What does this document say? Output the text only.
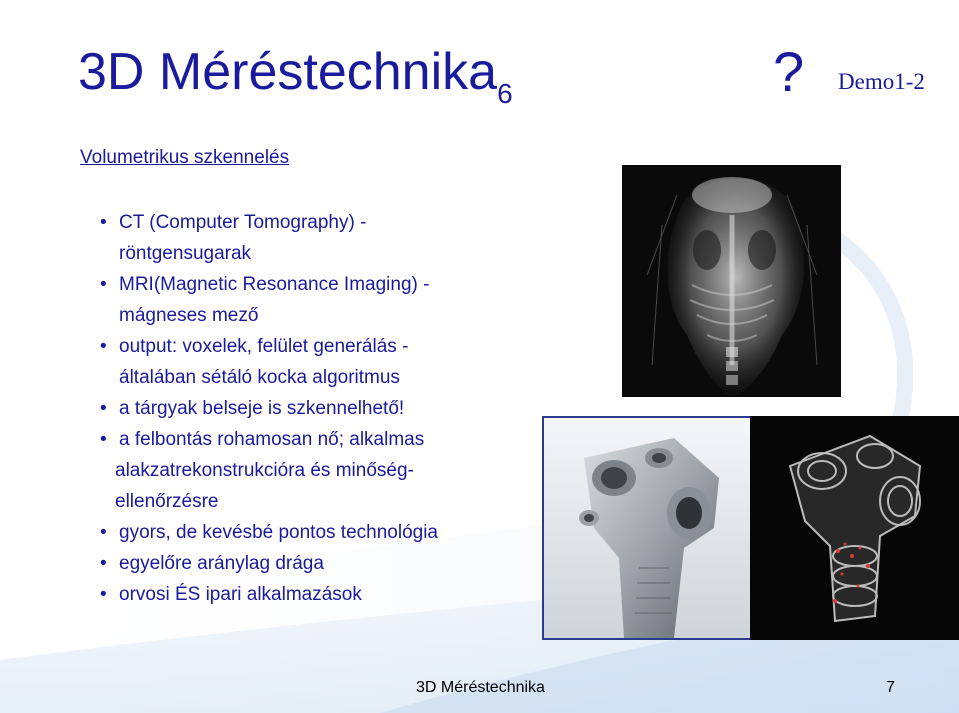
3D Méréstechnika$_6$	? Demo1-2
Volumetrikus szkennelés
• CT (Computer Tomography) -
röntgensugarak
• MRI(Magnetic Resonance Imaging) -
mágneses mező
• output: voxelek, felület generálás -
általában sétáló kocka algoritmus
• a tárgyak belseje is szkennelhető!
• a felbontás rohamosan nő; alkalmas
alakzatrekonstrukcióra és minőség-
ellenőrzésre
• gyors, de kevésbé pontos technológia
• egyelőre aránylag drága
• orvosi ÉS ipari alkalmazások
3D Méréstechnika	7
